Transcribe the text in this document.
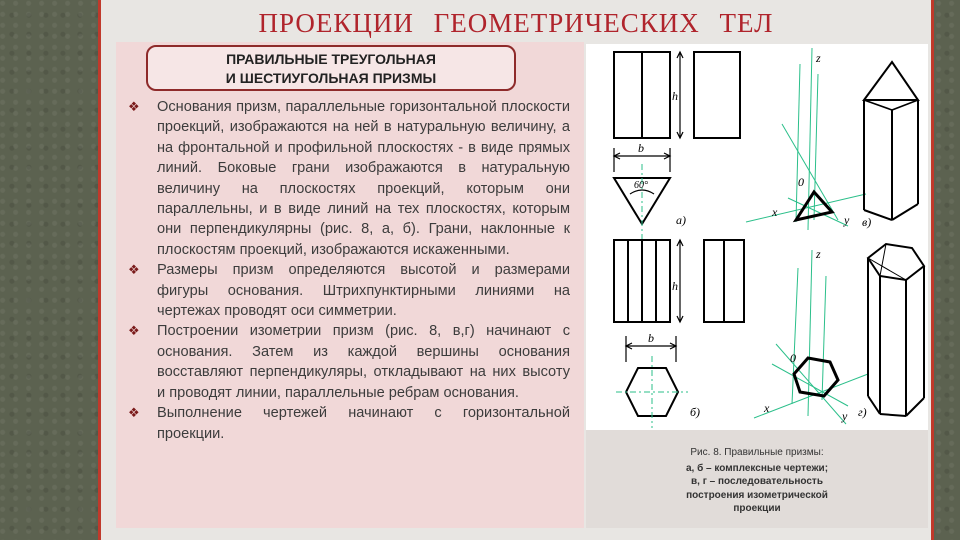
ПРОЕКЦИИ ГЕОМЕТРИЧЕСКИХ ТЕЛ
ПРАВИЛЬНЫЕ ТРЕУГОЛЬНАЯ
И ШЕСТИУГОЛЬНАЯ ПРИЗМЫ
❖ Основания призм, параллельные горизонтальной плоскости проекций, изображаются на ней в натуральную величину, а на фронтальной и профильной плоскостях - в виде прямых линий. Боковые грани изображаются в натуральную величину на плоскостях проекций, которым они параллельны, и в виде линий на тех плоскостях, которым они перпендикулярны (рис. 8, а, б). Грани, наклонные к плоскостям проекций, изображаются искаженными.
❖ Размеры призм определяются высотой и размерами фигуры основания. Штрихпунктирными линиями на чертежах проводят оси симметрии.
❖ Построении изометрии призм (рис. 8, в,г) начинают с основания. Затем из каждой вершины основания восставляют перпендикуляры, откладывают на них высоту и проводят линии, параллельные ребрам основания.
❖ Выполнение чертежей начинают с горизонтальной проекции.
h
b
60°
а)
h
b
б)
z
0
x
y в)
z
0
x
y г)
Рис. 8. Правильные призмы:
а, б – комплексные чертежи;
в, г – последовательность
построения изометрической
проекции
